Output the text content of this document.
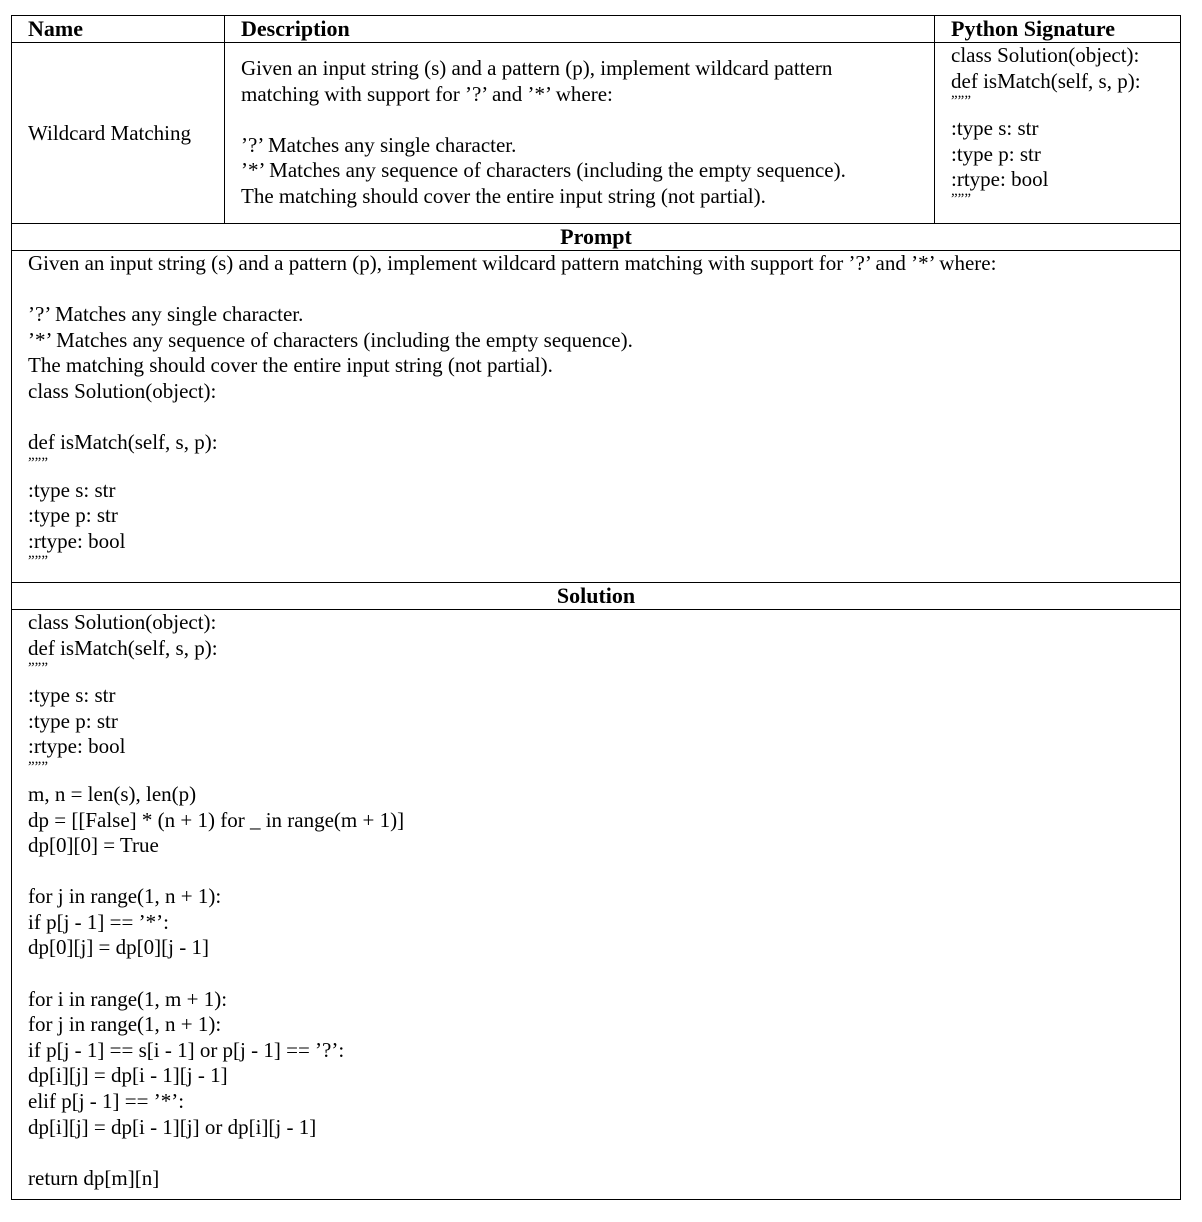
Name	Description	Python Signature
Wildcard Matching
Given an input string (s) and a pattern (p), implement wildcard pattern
matching with support for ’?’ and ’*’ where:
’?’ Matches any single character.
’*’ Matches any sequence of characters (including the empty sequence).
The matching should cover the entire input string (not partial).
class Solution(object):
def isMatch(self, s, p):
”””
:type s: str
:type p: str
:rtype: bool
”””
Prompt
Given an input string (s) and a pattern (p), implement wildcard pattern matching with support for ’?’ and ’*’ where:
’?’ Matches any single character.
’*’ Matches any sequence of characters (including the empty sequence).
The matching should cover the entire input string (not partial).
class Solution(object):
def isMatch(self, s, p):
”””
:type s: str
:type p: str
:rtype: bool
”””
Solution
class Solution(object):
def isMatch(self, s, p):
”””
:type s: str
:type p: str
:rtype: bool
”””
m, n = len(s), len(p)
dp = [[False] * (n + 1) for _ in range(m + 1)]
dp[0][0] = True
for j in range(1, n + 1):
if p[j - 1] == ’*’:
dp[0][j] = dp[0][j - 1]
for i in range(1, m + 1):
for j in range(1, n + 1):
if p[j - 1] == s[i - 1] or p[j - 1] == ’?’:
dp[i][j] = dp[i - 1][j - 1]
elif p[j - 1] == ’*’:
dp[i][j] = dp[i - 1][j] or dp[i][j - 1]
return dp[m][n]
